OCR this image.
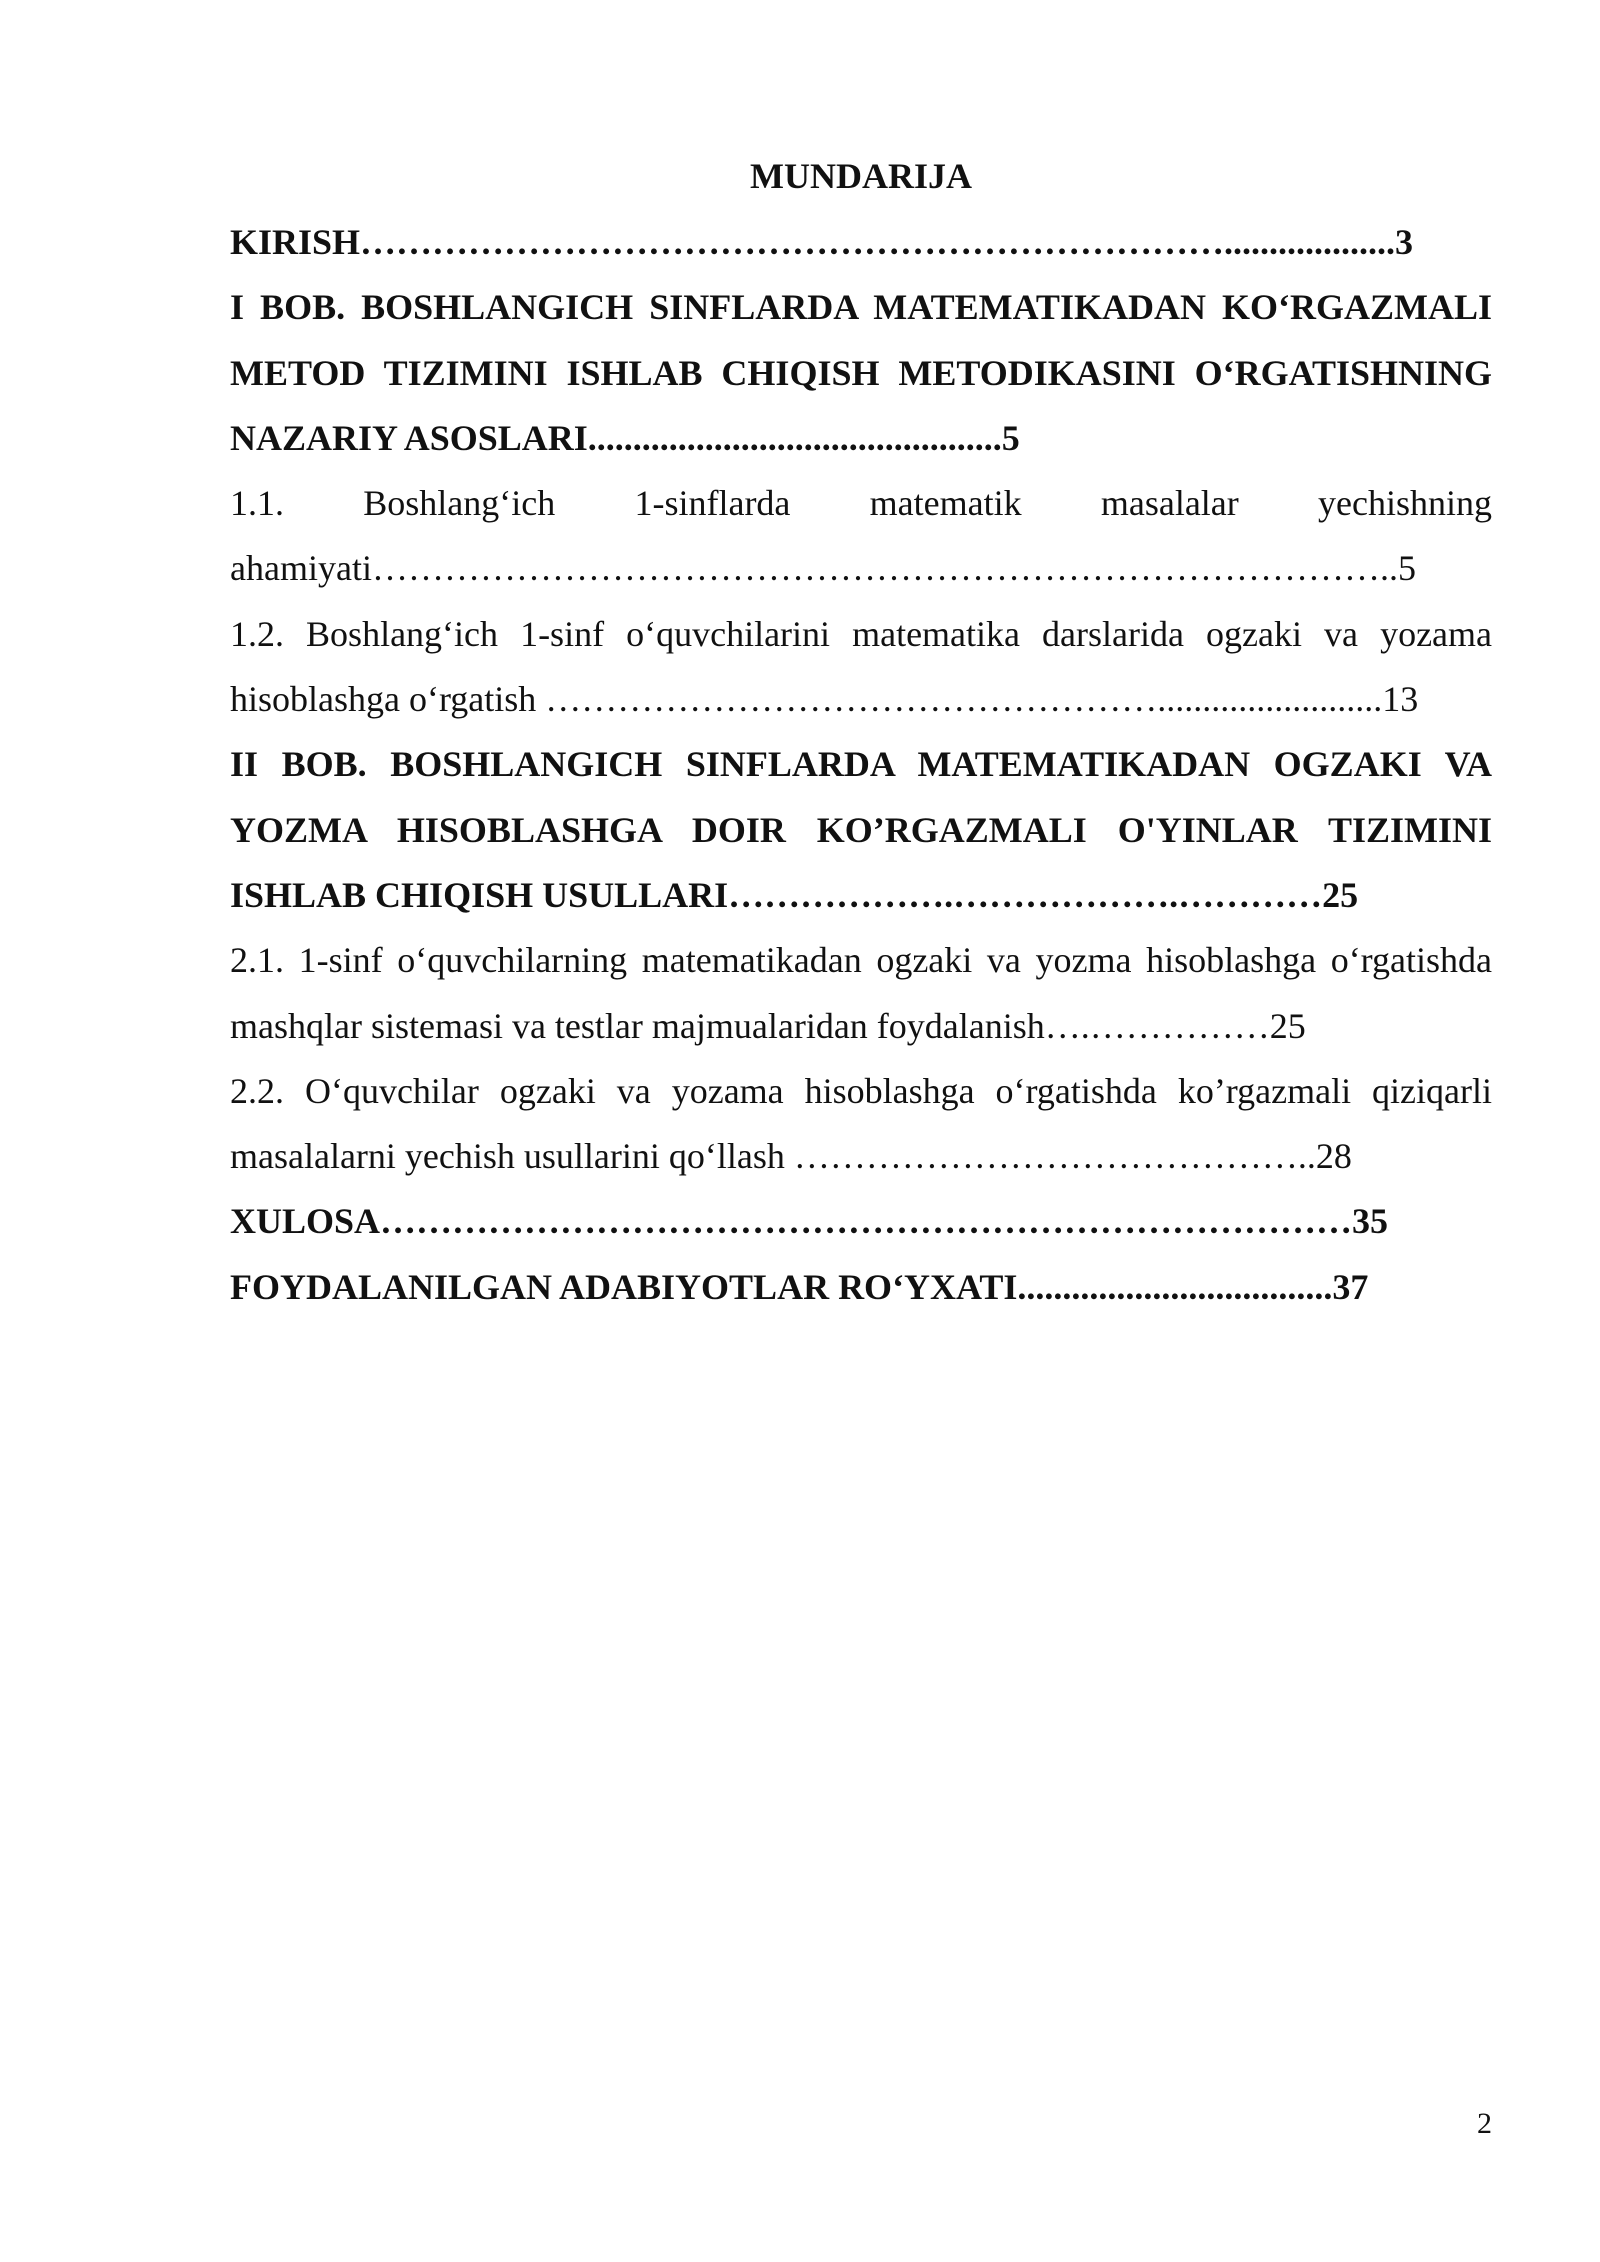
MUNDARIJA
KIRISH………………………………………………………………...................3
I BOB. BOSHLANGICH SINFLARDA MATEMATIKADAN KO‘RGAZMALI METOD TIZIMINI ISHLAB CHIQISH METODIKASINI O‘RGATISHNING NAZARIY ASOSLARI..............................................5
1.1. Boshlang‘ich 1-sinflarda matematik masalalar yechishning ahamiyati…………………………………………………………………………..5
1.2. Boshlang‘ich 1-sinf o‘quvchilarini matematika darslarida ogzaki va yozama hisoblashga o‘rgatish …………………………………………….........................13
II BOB. BOSHLANGICH SINFLARDA MATEMATIKADAN OGZAKI VA YOZMA HISOBLASHGA DOIR KO’RGAZMALI O'YINLAR TIZIMINI ISHLAB CHIQISH USULLARI……………….……………….…………25
2.1. 1-sinf o‘quvchilarning matematikadan ogzaki va yozma hisoblashga o‘rgatishda mashqlar sistemasi va testlar majmualaridan foydalanish….……………25
2.2. O‘quvchilar ogzaki va yozama hisoblashga o‘rgatishda ko’rgazmali qiziqarli masalalarni yechish usullarini qo‘llash ……………………………………..28
XULOSA………………………………………………………………………35
FOYDALANILGAN ADABIYOTLAR RO‘YXATI...................................37
2
